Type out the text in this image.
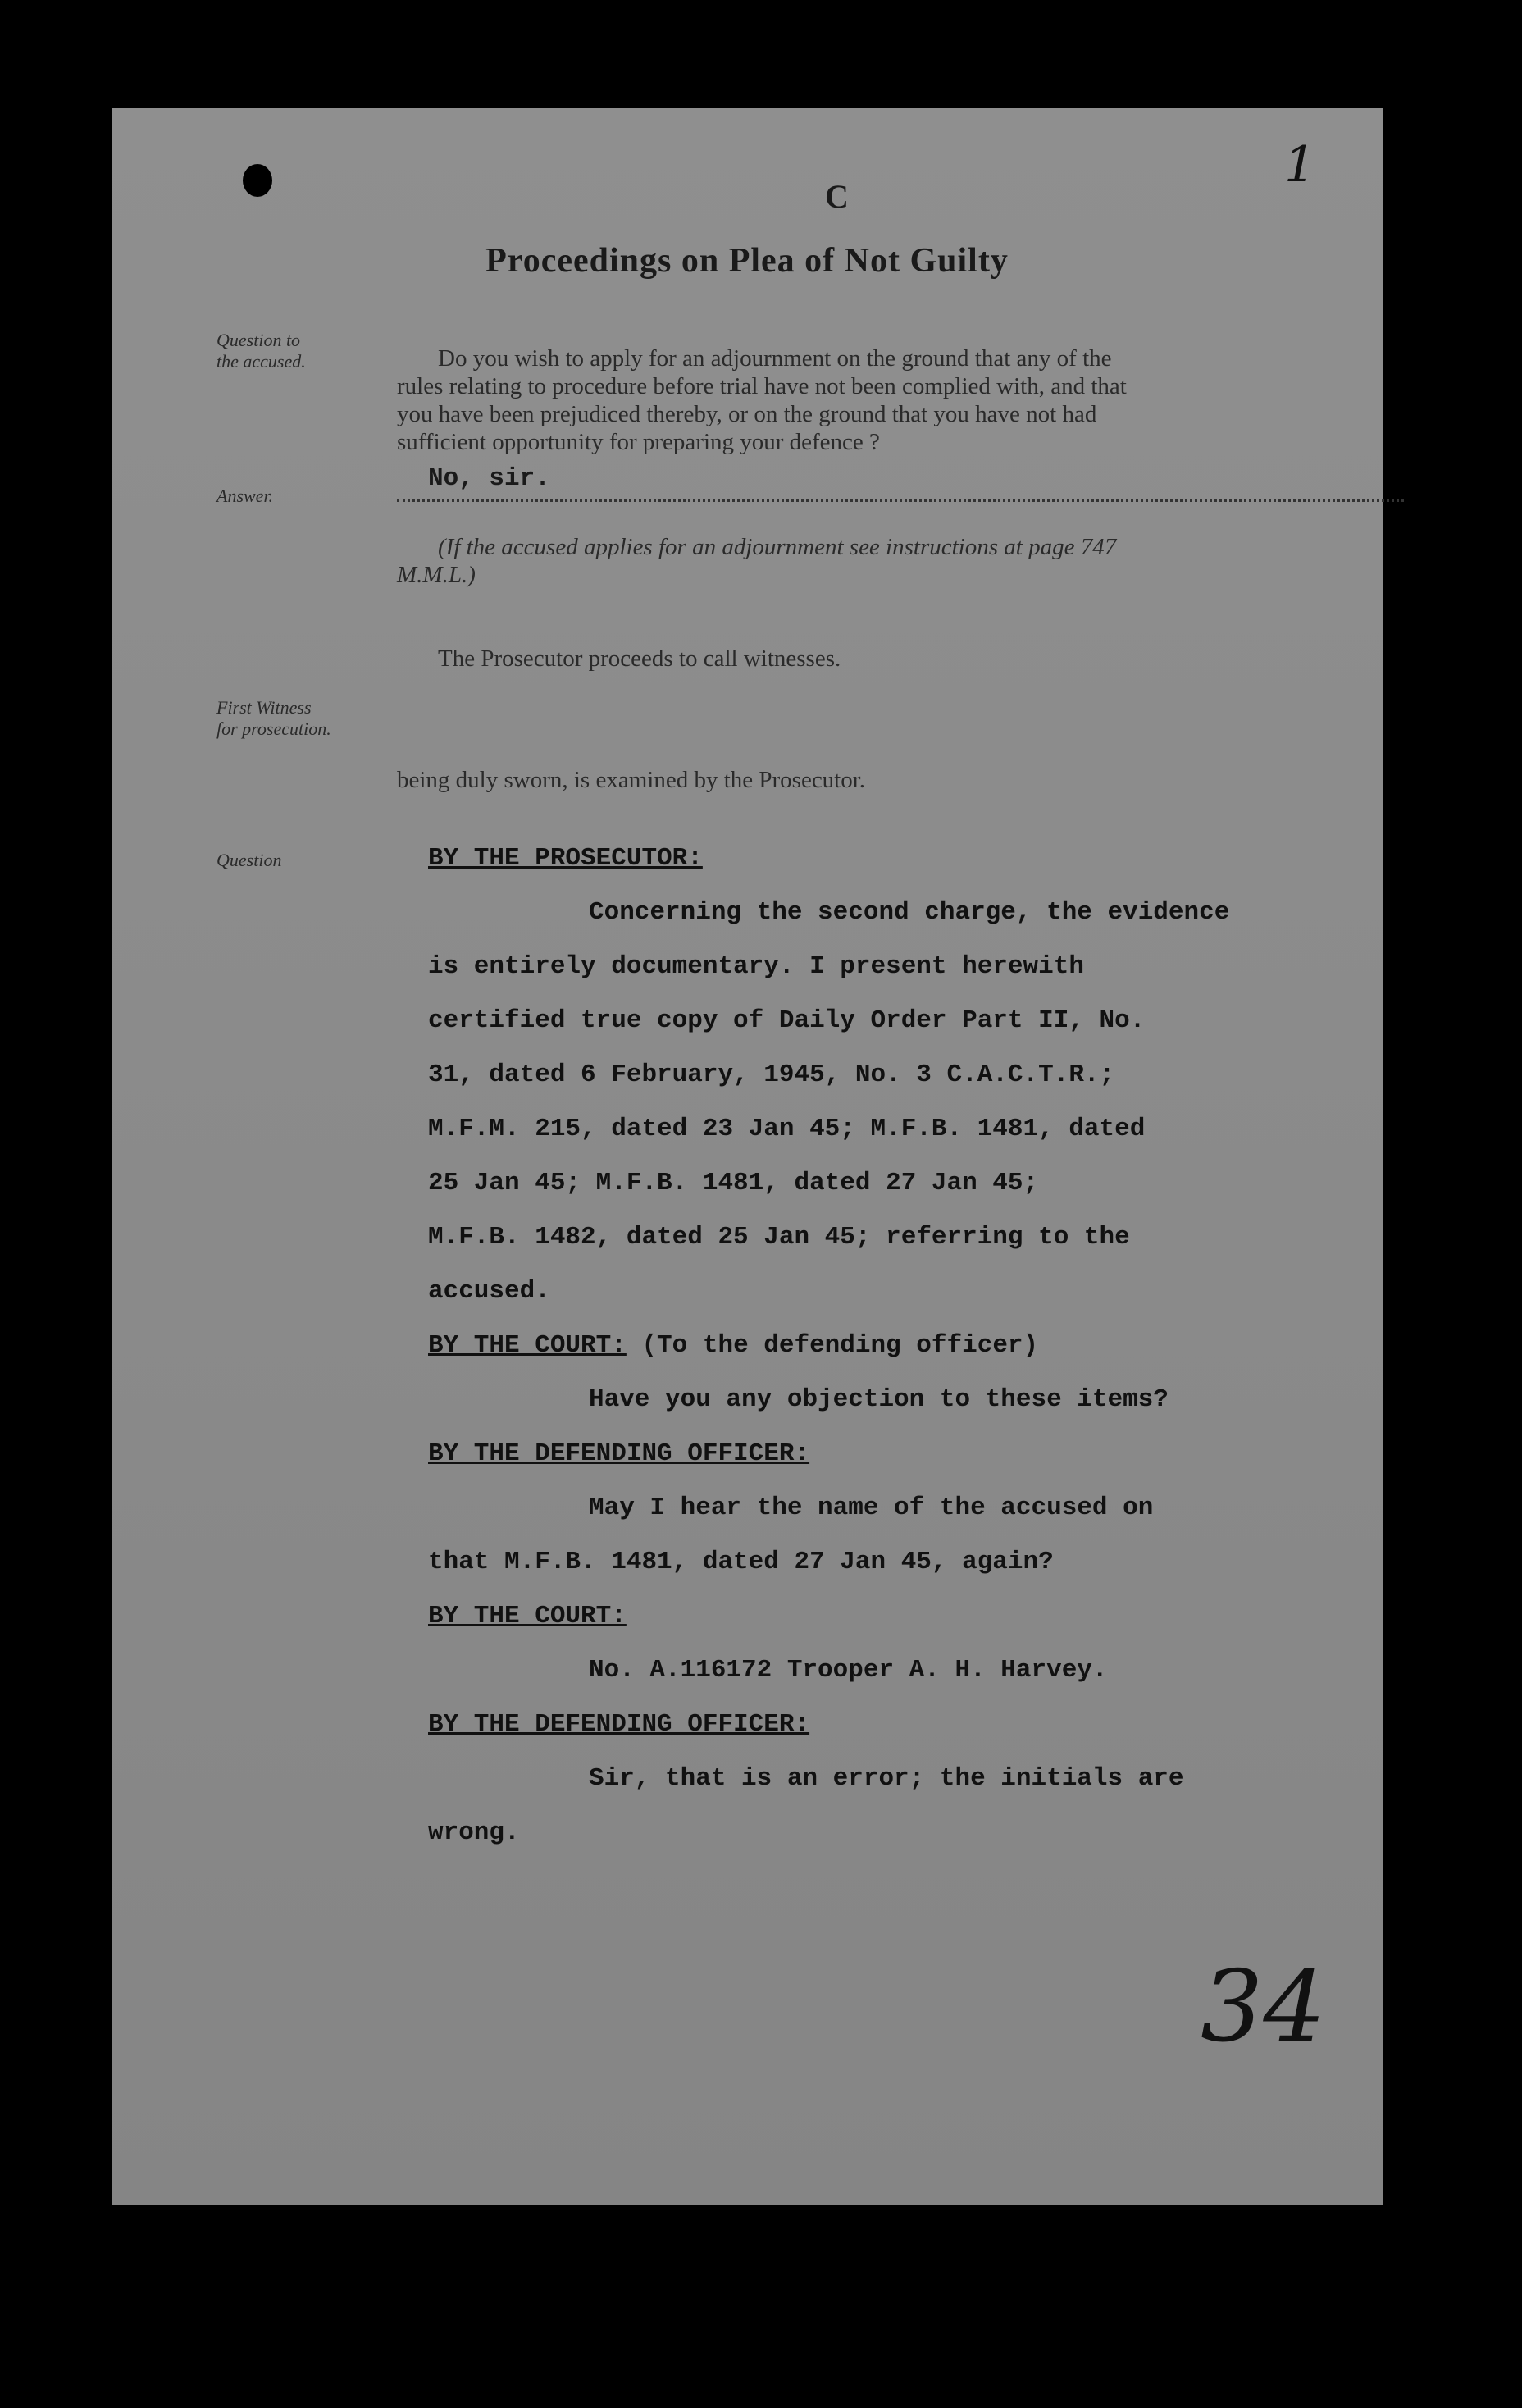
1
C
Proceedings on Plea of Not Guilty
Question to
the accused.	Do you wish to apply for an adjournment on the ground that any of the
rules relating to procedure before trial have not been complied with, and that
you have been prejudiced thereby, or on the ground that you have not had
sufficient opportunity for preparing your defence ?
Answer.
No, sir.
(If the accused applies for an adjournment see instructions at page 747
M.M.L.)
The Prosecutor proceeds to call witnesses.
First Witness
for prosecution.
being duly sworn, is examined by the Prosecutor.
Question	BY THE PROSECUTOR:
Concerning the second charge, the evidence
is entirely documentary. I present herewith
certified true copy of Daily Order Part II, No.
31, dated 6 February, 1945, No. 3 C.A.C.T.R.;
M.F.M. 215, dated 23 Jan 45; M.F.B. 1481, dated
25 Jan 45; M.F.B. 1481, dated 27 Jan 45;
M.F.B. 1482, dated 25 Jan 45; referring to the
accused.
BY THE COURT: (To the defending officer)
Have you any objection to these items?
BY THE DEFENDING OFFICER:
May I hear the name of the accused on
that M.F.B. 1481, dated 27 Jan 45, again?
BY THE COURT:
No. A.116172 Trooper A. H. Harvey.
BY THE DEFENDING OFFICER:
Sir, that is an error; the initials are
wrong.
34
